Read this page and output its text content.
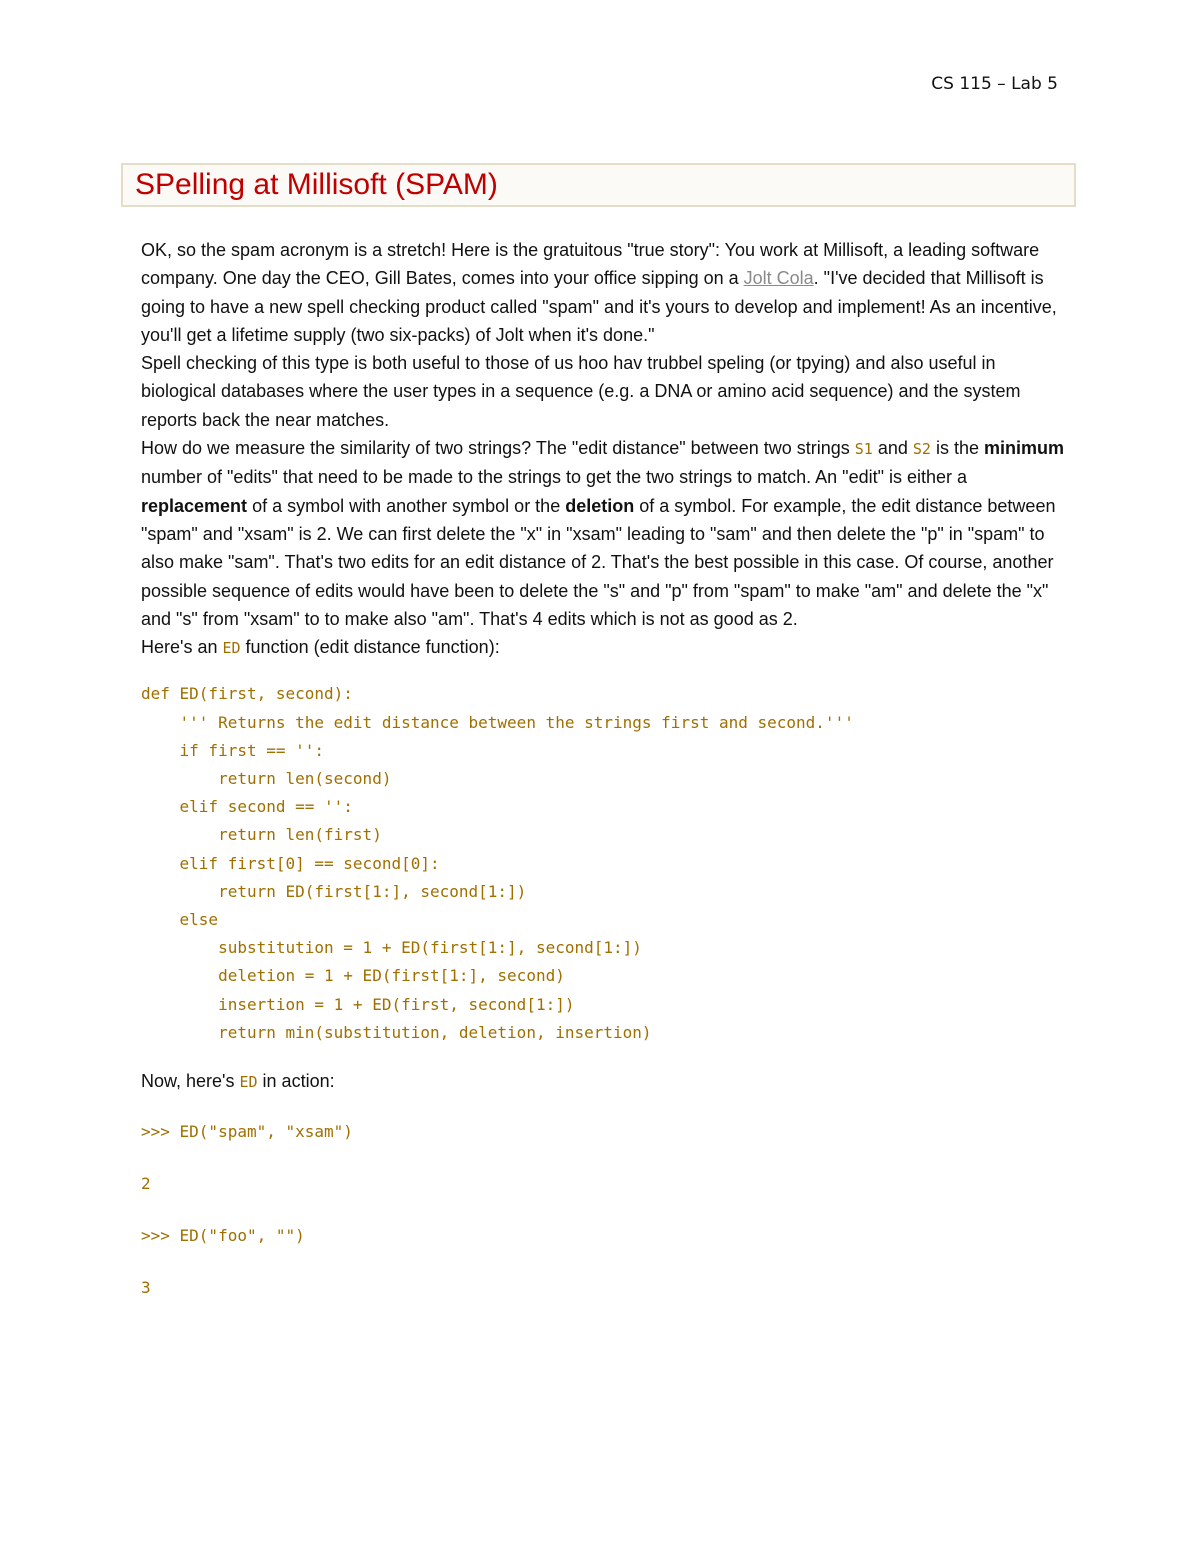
CS 115 – Lab 5
SPelling at Millisoft (SPAM)

OK, so the spam acronym is a stretch! Here is the gratuitous "true story": You work at Millisoft, a leading software company. One day the CEO, Gill Bates, comes into your office sipping on a Jolt Cola. "I've decided that Millisoft is going to have a new spell checking product called "spam" and it's yours to develop and implement! As an incentive, you'll get a lifetime supply (two six-packs) of Jolt when it's done."

Spell checking of this type is both useful to those of us hoo hav trubbel speling (or tpying) and also useful in biological databases where the user types in a sequence (e.g. a DNA or amino acid sequence) and the system reports back the near matches.

How do we measure the similarity of two strings? The "edit distance" between two strings S1 and S2 is the minimum number of "edits" that need to be made to the strings to get the two strings to match. An "edit" is either a replacement of a symbol with another symbol or the deletion of a symbol. For example, the edit distance between "spam" and "xsam" is 2. We can first delete the "x" in "xsam" leading to "sam" and then delete the "p" in "spam" to also make "sam". That's two edits for an edit distance of 2. That's the best possible in this case. Of course, another possible sequence of edits would have been to delete the "s" and "p" from "spam" to make "am" and delete the "x" and "s" from "xsam" to to make also "am". That's 4 edits which is not as good as 2.

Here's an ED function (edit distance function):

def ED(first, second):
''' Returns the edit distance between the strings first and second.'''
if first == '':
return len(second)
elif second == '':
return len(first)
elif first[0] == second[0]:
return ED(first[1:], second[1:])
else
substitution = 1 + ED(first[1:], second[1:])
deletion = 1 + ED(first[1:], second)
insertion = 1 + ED(first, second[1:])
return min(substitution, deletion, insertion)

Now, here's ED in action:

>>> ED("spam", "xsam")
2
>>> ED("foo", "")
3
